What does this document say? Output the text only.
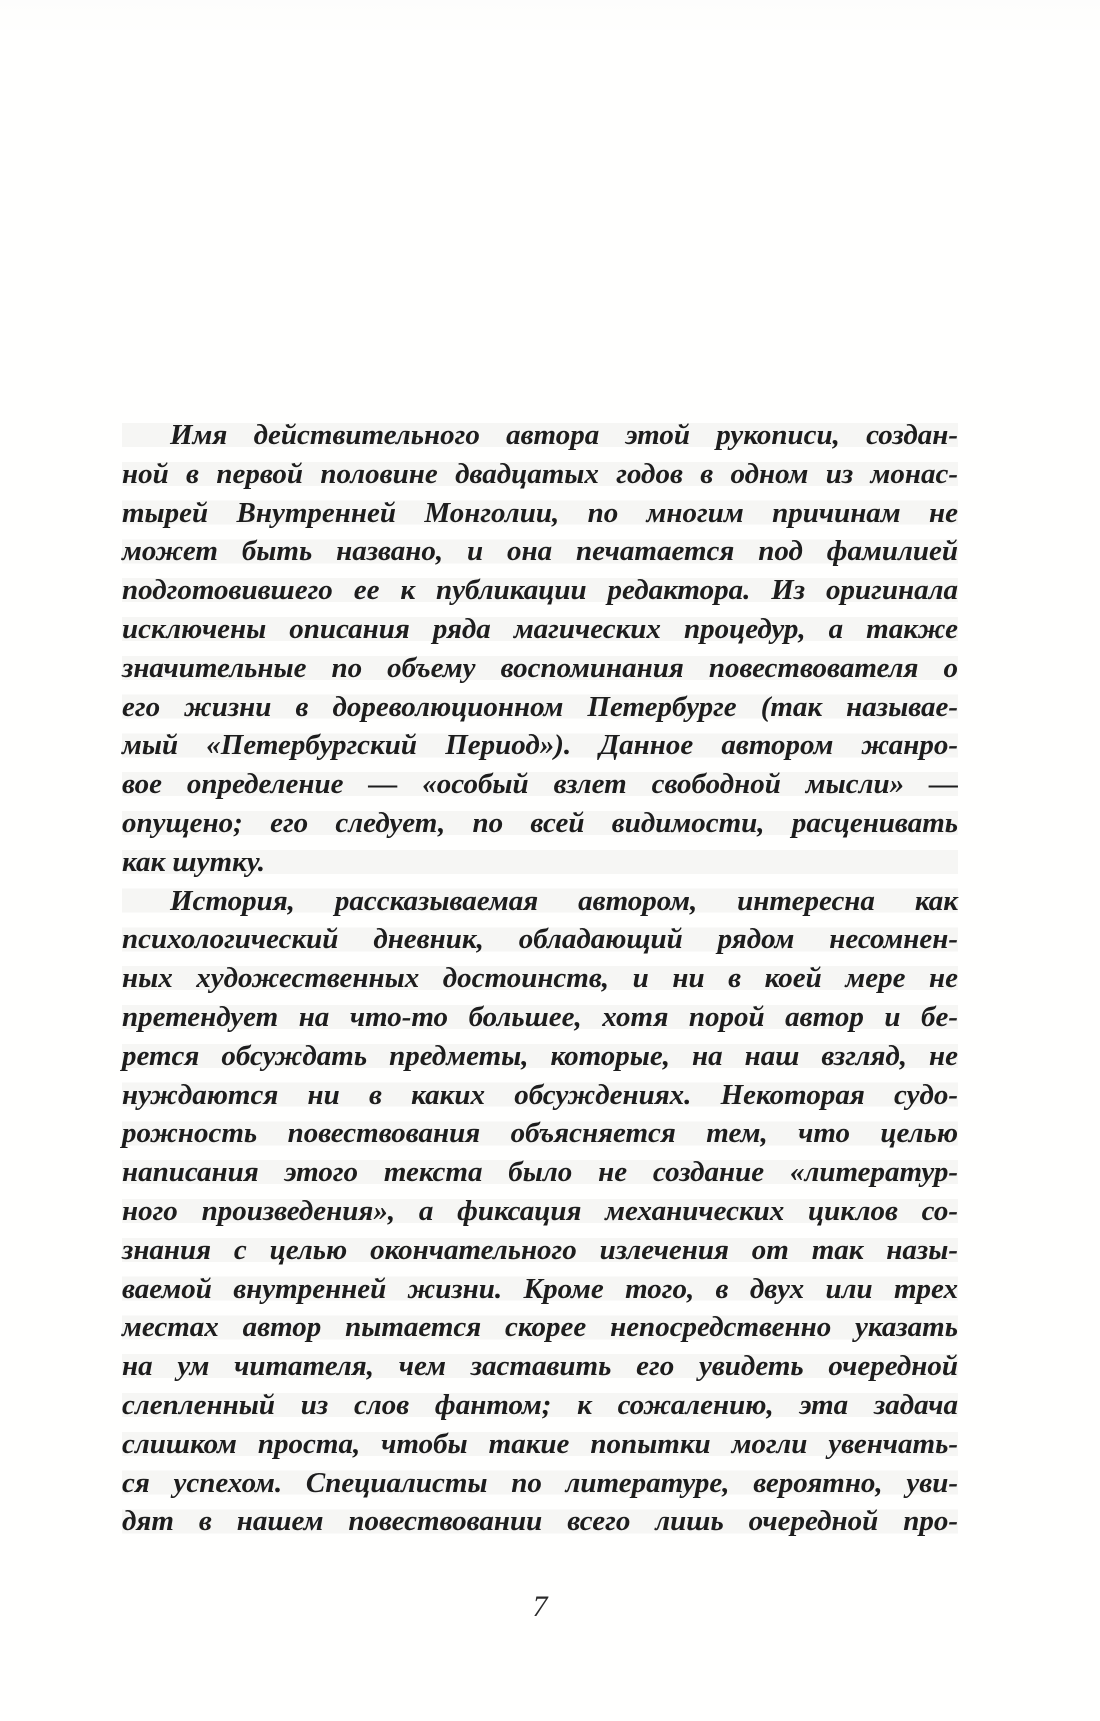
Имя действительного автора этой рукописи, создан-
ной в первой половине двадцатых годов в одном из монас-
тырей Внутренней Монголии, по многим причинам не
может быть названо, и она печатается под фамилией
подготовившего ее к публикации редактора. Из оригинала
исключены описания ряда магических процедур, а также
значительные по объему воспоминания повествователя о
его жизни в дореволюционном Петербурге (так называе-
мый «Петербургский Период»). Данное автором жанро-
вое определение — «особый взлет свободной мысли» —
опущено; его следует, по всей видимости, расценивать
как шутку.
История, рассказываемая автором, интересна как
психологический дневник, обладающий рядом несомнен-
ных художественных достоинств, и ни в коей мере не
претендует на что-то большее, хотя порой автор и бе-
рется обсуждать предметы, которые, на наш взгляд, не
нуждаются ни в каких обсуждениях. Некоторая судо-
рожность повествования объясняется тем, что целью
написания этого текста было не создание «литератур-
ного произведения», а фиксация механических циклов со-
знания с целью окончательного излечения от так назы-
ваемой внутренней жизни. Кроме того, в двух или трех
местах автор пытается скорее непосредственно указать
на ум читателя, чем заставить его увидеть очередной
слепленный из слов фантом; к сожалению, эта задача
слишком проста, чтобы такие попытки могли увенчать-
ся успехом. Специалисты по литературе, вероятно, уви-
дят в нашем повествовании всего лишь очередной про-
7
